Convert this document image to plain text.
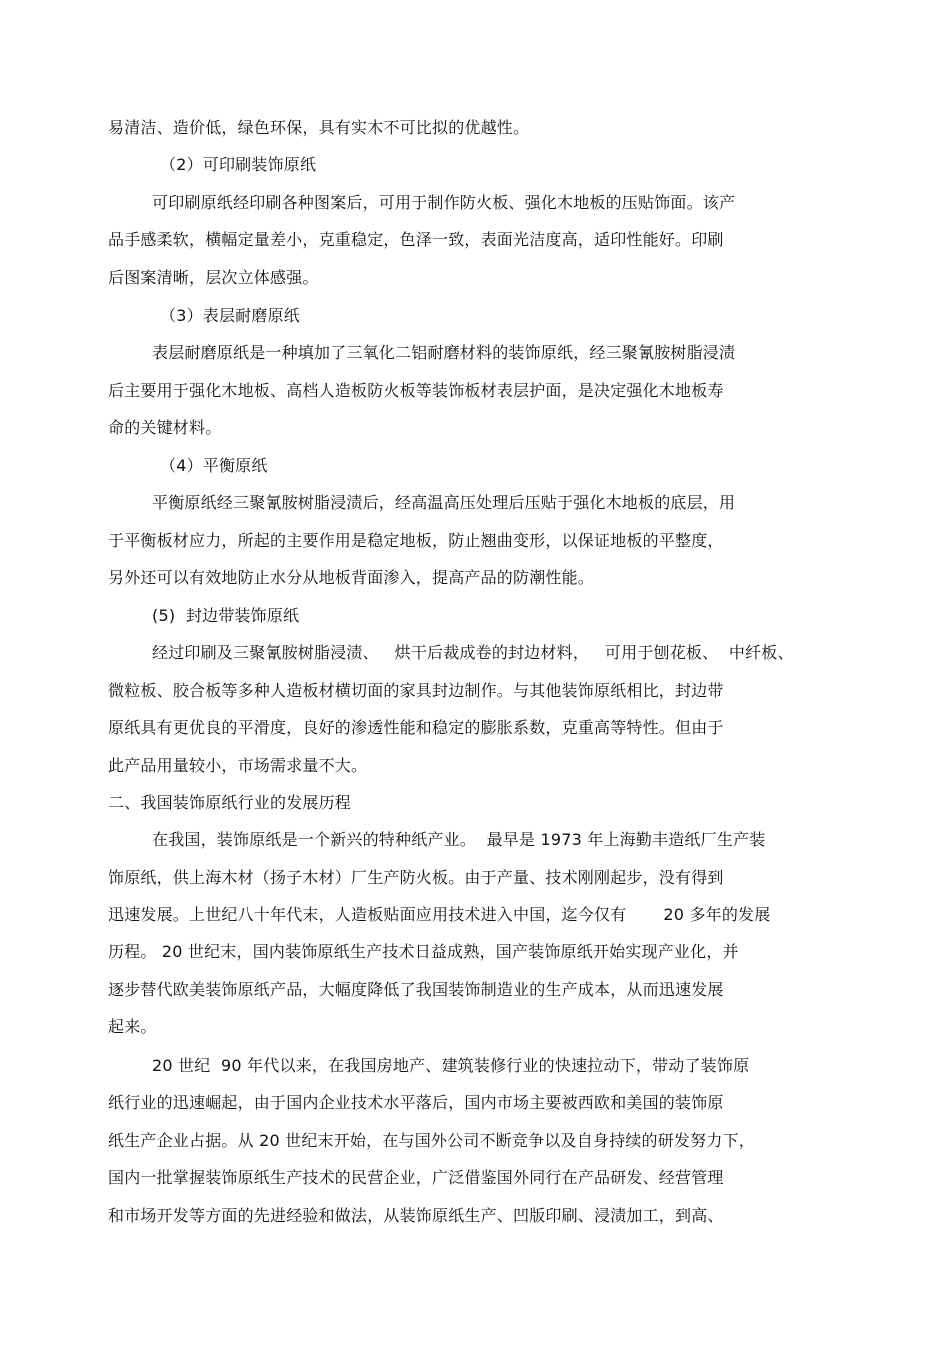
易清洁、造价低，绿色环保，具有实木不可比拟的优越性。
（2）可印刷装饰原纸
可印刷原纸经印刷各种图案后，可用于制作防火板、强化木地板的压贴饰面。该产
品手感柔软，横幅定量差小，克重稳定，色泽一致，表面光洁度高，适印性能好。印刷
后图案清晰，层次立体感强。
（3）表层耐磨原纸
表层耐磨原纸是一种填加了三氧化二铝耐磨材料的装饰原纸，经三聚氰胺树脂浸渍
后主要用于强化木地板、高档人造板防火板等装饰板材表层护面，是决定强化木地板寿
命的关键材料。
（4）平衡原纸
平衡原纸经三聚氰胺树脂浸渍后，经高温高压处理后压贴于强化木地板的底层，用
于平衡板材应力，所起的主要作用是稳定地板，防止翘曲变形，以保证地板的平整度，
另外还可以有效地防止水分从地板背面渗入，提高产品的防潮性能。
(5)  封边带装饰原纸
经过印刷及三聚氰胺树脂浸渍、   烘干后裁成卷的封边材料，   可用于刨花板、  中纤板、
微粒板、胶合板等多种人造板材横切面的家具封边制作。与其他装饰原纸相比，封边带
原纸具有更优良的平滑度，良好的渗透性能和稳定的膨胀系数，克重高等特性。但由于
此产品用量较小，市场需求量不大。
二、我国装饰原纸行业的发展历程
在我国，装饰原纸是一个新兴的特种纸产业。  最早是 1973 年上海勤丰造纸厂生产装
饰原纸，供上海木材（扬子木材）厂生产防火板。由于产量、技术刚刚起步，没有得到
迅速发展。上世纪八十年代末，人造板贴面应用技术进入中国，迄今仅有       20 多年的发展
历程。 20 世纪末，国内装饰原纸生产技术日益成熟，国产装饰原纸开始实现产业化，并
逐步替代欧美装饰原纸产品，大幅度降低了我国装饰制造业的生产成本，从而迅速发展
起来。
20 世纪  90 年代以来，在我国房地产、建筑装修行业的快速拉动下，带动了装饰原
纸行业的迅速崛起，由于国内企业技术水平落后，国内市场主要被西欧和美国的装饰原
纸生产企业占据。从 20 世纪末开始，在与国外公司不断竞争以及自身持续的研发努力下，
国内一批掌握装饰原纸生产技术的民营企业，广泛借鉴国外同行在产品研发、经营管理
和市场开发等方面的先进经验和做法，从装饰原纸生产、凹版印刷、浸渍加工，到高、
